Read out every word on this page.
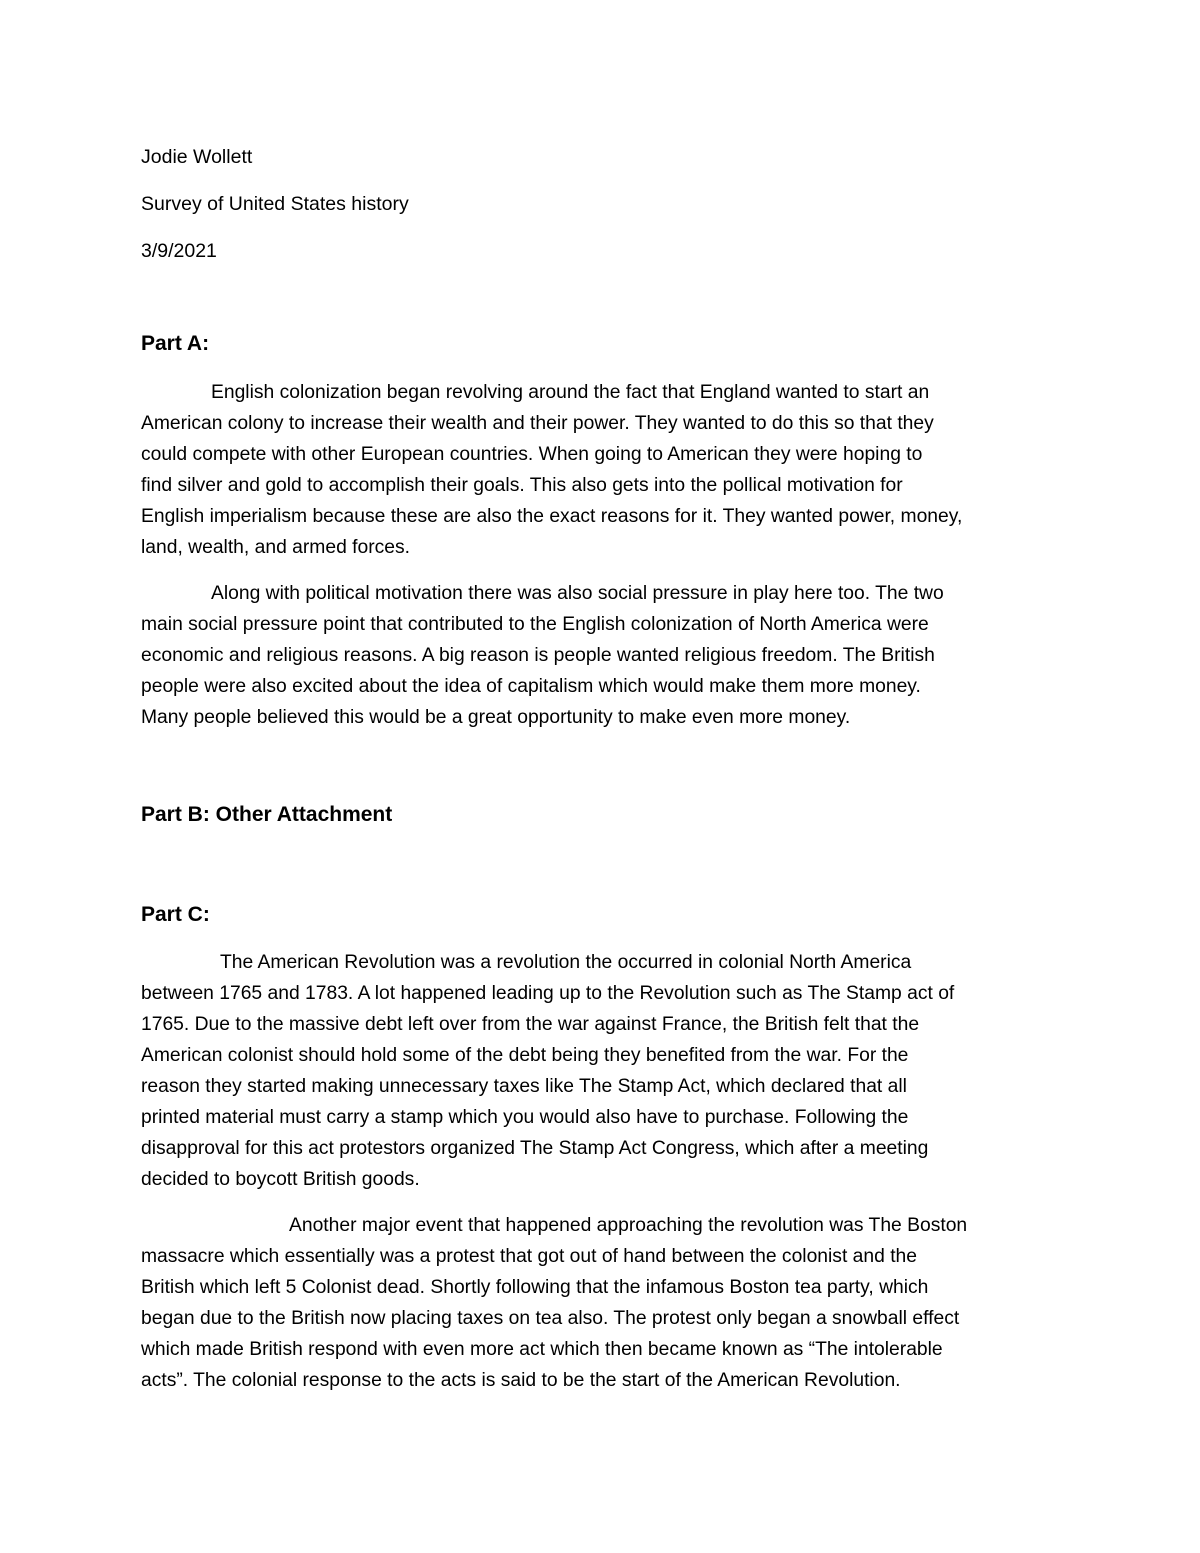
Jodie Wollett
Survey of United States history
3/9/2021
Part A:
English colonization began revolving around the fact that England wanted to start an
American colony to increase their wealth and their power. They wanted to do this so that they
could compete with other European countries. When going to American they were hoping to
find silver and gold to accomplish their goals. This also gets into the pollical motivation for
English imperialism because these are also the exact reasons for it. They wanted power, money,
land, wealth, and armed forces.
Along with political motivation there was also social pressure in play here too. The two
main social pressure point that contributed to the English colonization of North America were
economic and religious reasons. A big reason is people wanted religious freedom. The British
people were also excited about the idea of capitalism which would make them more money.
Many people believed this would be a great opportunity to make even more money.
Part B: Other Attachment
Part C:
The American Revolution was a revolution the occurred in colonial North America
between 1765 and 1783. A lot happened leading up to the Revolution such as The Stamp act of
1765. Due to the massive debt left over from the war against France, the British felt that the
American colonist should hold some of the debt being they benefited from the war. For the
reason they started making unnecessary taxes like The Stamp Act, which declared that all
printed material must carry a stamp which you would also have to purchase. Following the
disapproval for this act protestors organized The Stamp Act Congress, which after a meeting
decided to boycott British goods.
Another major event that happened approaching the revolution was The Boston
massacre which essentially was a protest that got out of hand between the colonist and the
British which left 5 Colonist dead. Shortly following that the infamous Boston tea party, which
began due to the British now placing taxes on tea also. The protest only began a snowball effect
which made British respond with even more act which then became known as “The intolerable
acts”. The colonial response to the acts is said to be the start of the American Revolution.
